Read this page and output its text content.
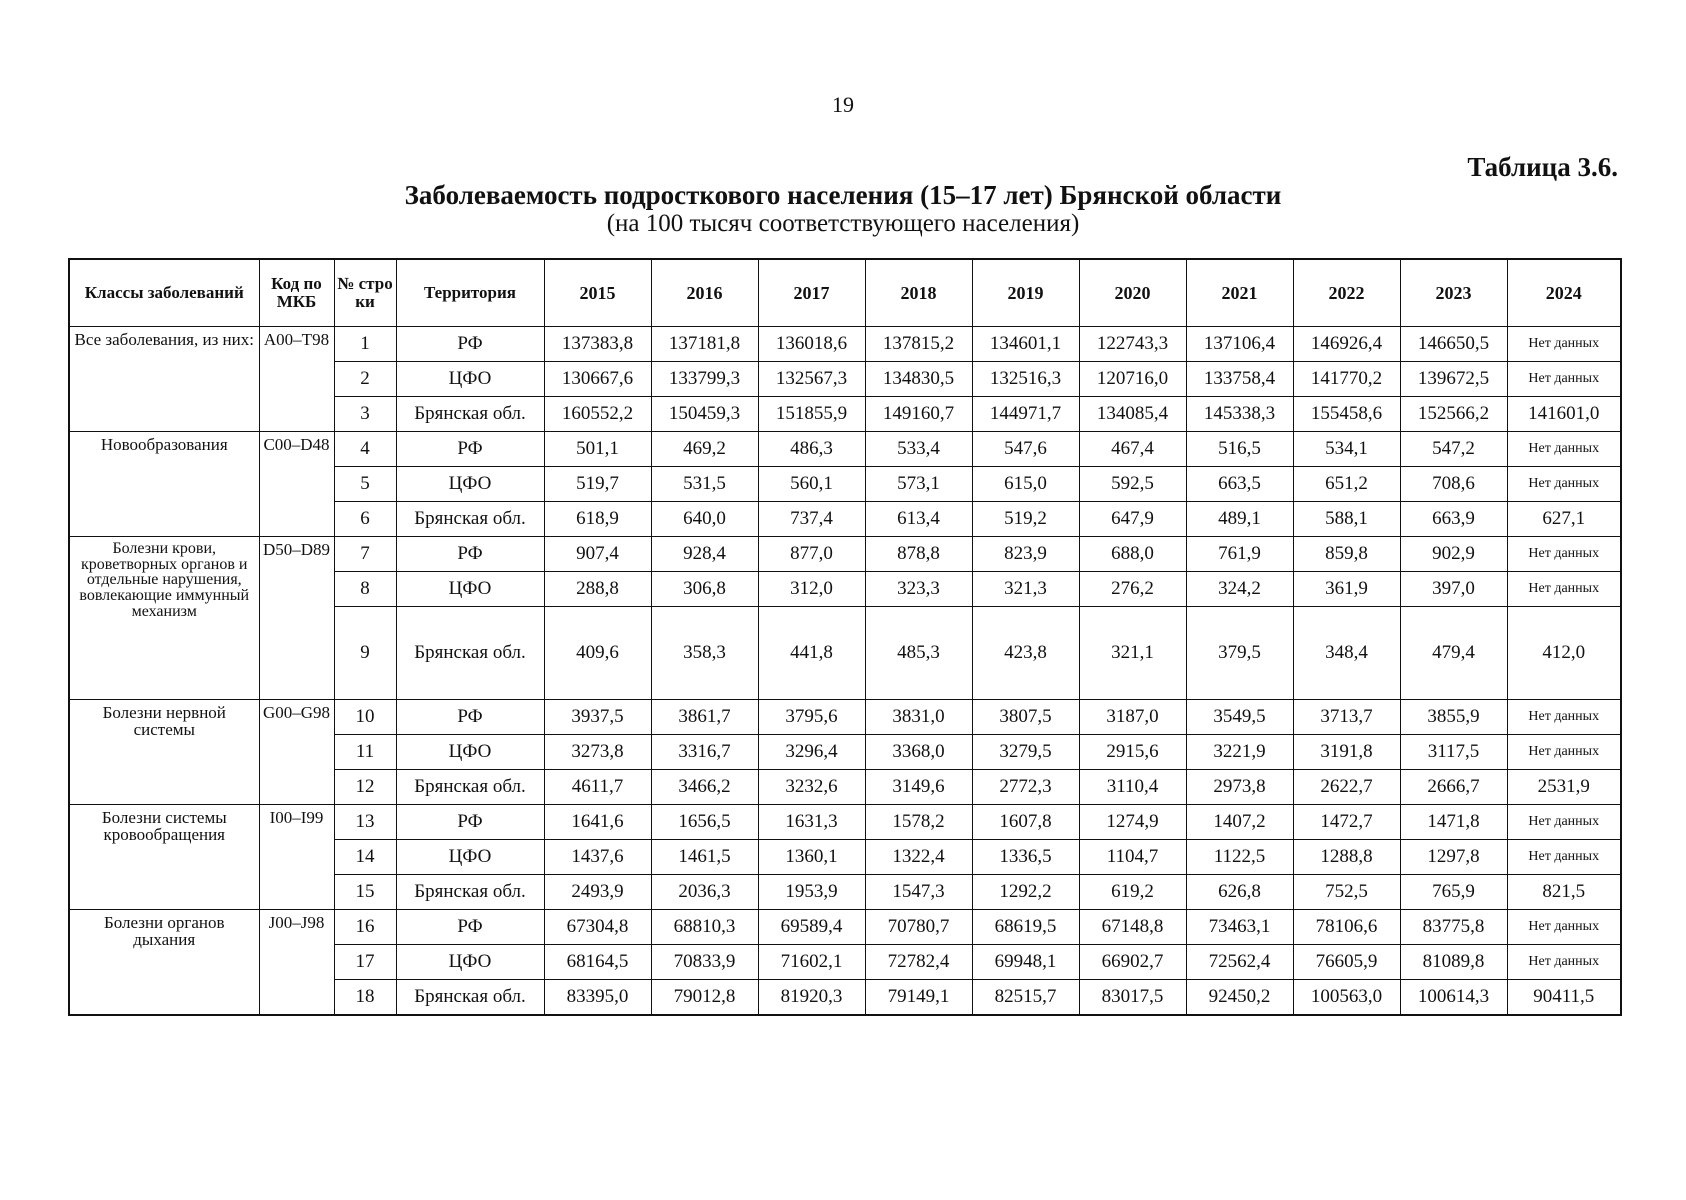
19
Таблица 3.6.
Заболеваемость подросткового населения (15–17 лет) Брянской области
(на 100 тысяч соответствующего населения)
Классы заболеваний	Код по МКБ	№ стро ки	Территория	2015	2016	2017	2018	2019	2020	2021	2022	2023	2024
Все заболевания, из них:	A00–T98	1	РФ	137383,8	137181,8	136018,6	137815,2	134601,1	122743,3	137106,4	146926,4	146650,5	Нет данных
		2	ЦФО	130667,6	133799,3	132567,3	134830,5	132516,3	120716,0	133758,4	141770,2	139672,5	Нет данных
		3	Брянская обл.	160552,2	150459,3	151855,9	149160,7	144971,7	134085,4	145338,3	155458,6	152566,2	141601,0
Новообразования	C00–D48	4	РФ	501,1	469,2	486,3	533,4	547,6	467,4	516,5	534,1	547,2	Нет данных
		5	ЦФО	519,7	531,5	560,1	573,1	615,0	592,5	663,5	651,2	708,6	Нет данных
		6	Брянская обл.	618,9	640,0	737,4	613,4	519,2	647,9	489,1	588,1	663,9	627,1
Болезни крови, кроветворных органов и отдельные нарушения, вовлекающие иммунный механизм	D50–D89	7	РФ	907,4	928,4	877,0	878,8	823,9	688,0	761,9	859,8	902,9	Нет данных
		8	ЦФО	288,8	306,8	312,0	323,3	321,3	276,2	324,2	361,9	397,0	Нет данных
		9	Брянская обл.	409,6	358,3	441,8	485,3	423,8	321,1	379,5	348,4	479,4	412,0
Болезни нервной системы	G00–G98	10	РФ	3937,5	3861,7	3795,6	3831,0	3807,5	3187,0	3549,5	3713,7	3855,9	Нет данных
		11	ЦФО	3273,8	3316,7	3296,4	3368,0	3279,5	2915,6	3221,9	3191,8	3117,5	Нет данных
		12	Брянская обл.	4611,7	3466,2	3232,6	3149,6	2772,3	3110,4	2973,8	2622,7	2666,7	2531,9
Болезни системы кровообращения	I00–I99	13	РФ	1641,6	1656,5	1631,3	1578,2	1607,8	1274,9	1407,2	1472,7	1471,8	Нет данных
		14	ЦФО	1437,6	1461,5	1360,1	1322,4	1336,5	1104,7	1122,5	1288,8	1297,8	Нет данных
		15	Брянская обл.	2493,9	2036,3	1953,9	1547,3	1292,2	619,2	626,8	752,5	765,9	821,5
Болезни органов дыхания	J00–J98	16	РФ	67304,8	68810,3	69589,4	70780,7	68619,5	67148,8	73463,1	78106,6	83775,8	Нет данных
		17	ЦФО	68164,5	70833,9	71602,1	72782,4	69948,1	66902,7	72562,4	76605,9	81089,8	Нет данных
		18	Брянская обл.	83395,0	79012,8	81920,3	79149,1	82515,7	83017,5	92450,2	100563,0	100614,3	90411,5
